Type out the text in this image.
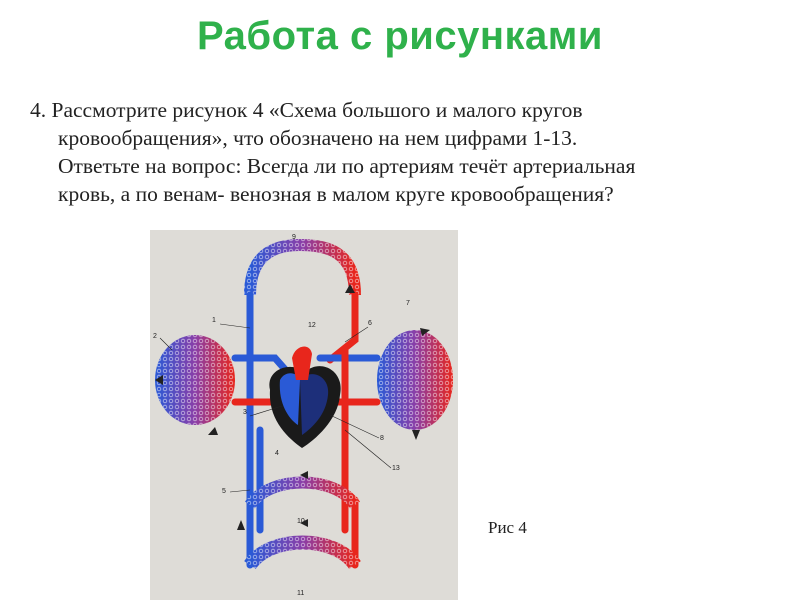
Работа с рисунками
4. Рассмотрите рисунок 4 «Схема большого и малого кругов
кровообращения», что обозначено на нем цифрами 1-13.
Ответьте на вопрос: Всегда ли по артериям течёт артериальная
кровь, а по венам- венозная в малом круге кровообращения?
9
2
1
12	6
7
3
4
8
13
5
10
11
Рис 4
